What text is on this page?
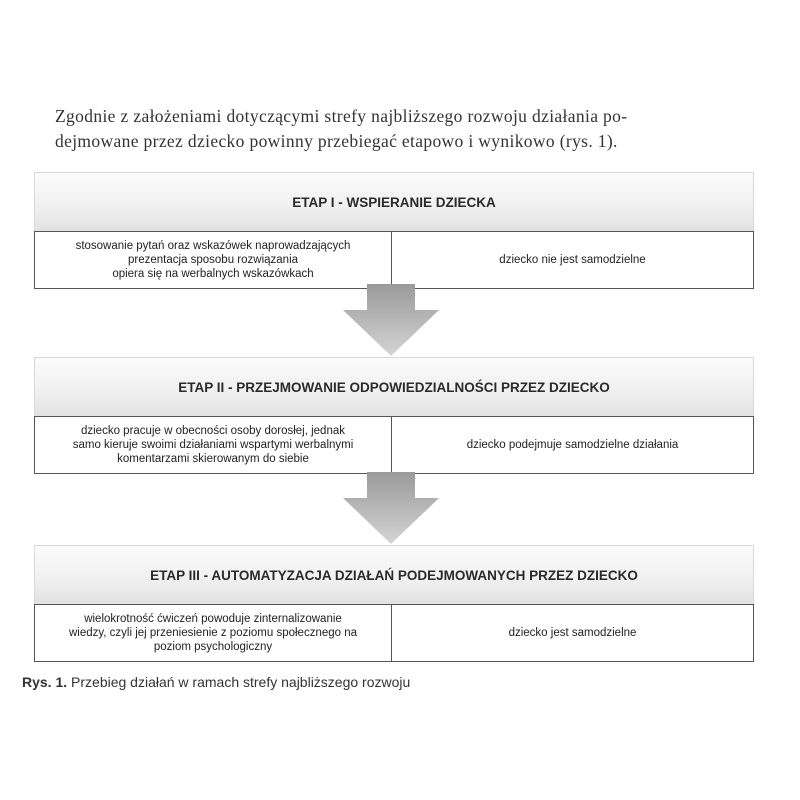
Zgodnie z założeniami dotyczącymi strefy najbliższego rozwoju działania po-
dejmowane przez dziecko powinny przebiegać etapowo i wynikowo (rys. 1).
ETAP I - WSPIERANIE DZIECKA
stosowanie pytań oraz wskazówek naprowadzających
prezentacja sposobu rozwiązania
opiera się na werbalnych wskazówkach
dziecko nie jest samodzielne
ETAP II - PRZEJMOWANIE ODPOWIEDZIALNOŚCI PRZEZ DZIECKO
dziecko pracuje w obecności osoby dorosłej, jednak
samo kieruje swoimi działaniami wspartymi werbalnymi
komentarzami skierowanym do siebie
dziecko podejmuje samodzielne działania
ETAP III - AUTOMATYZACJA DZIAŁAŃ PODEJMOWANYCH PRZEZ DZIECKO
wielokrotność ćwiczeń powoduje zinternalizowanie
wiedzy, czyli jej przeniesienie z poziomu społecznego na
poziom psychologiczny
dziecko jest samodzielne
Rys. 1. Przebieg działań w ramach strefy najbliższego rozwoju
